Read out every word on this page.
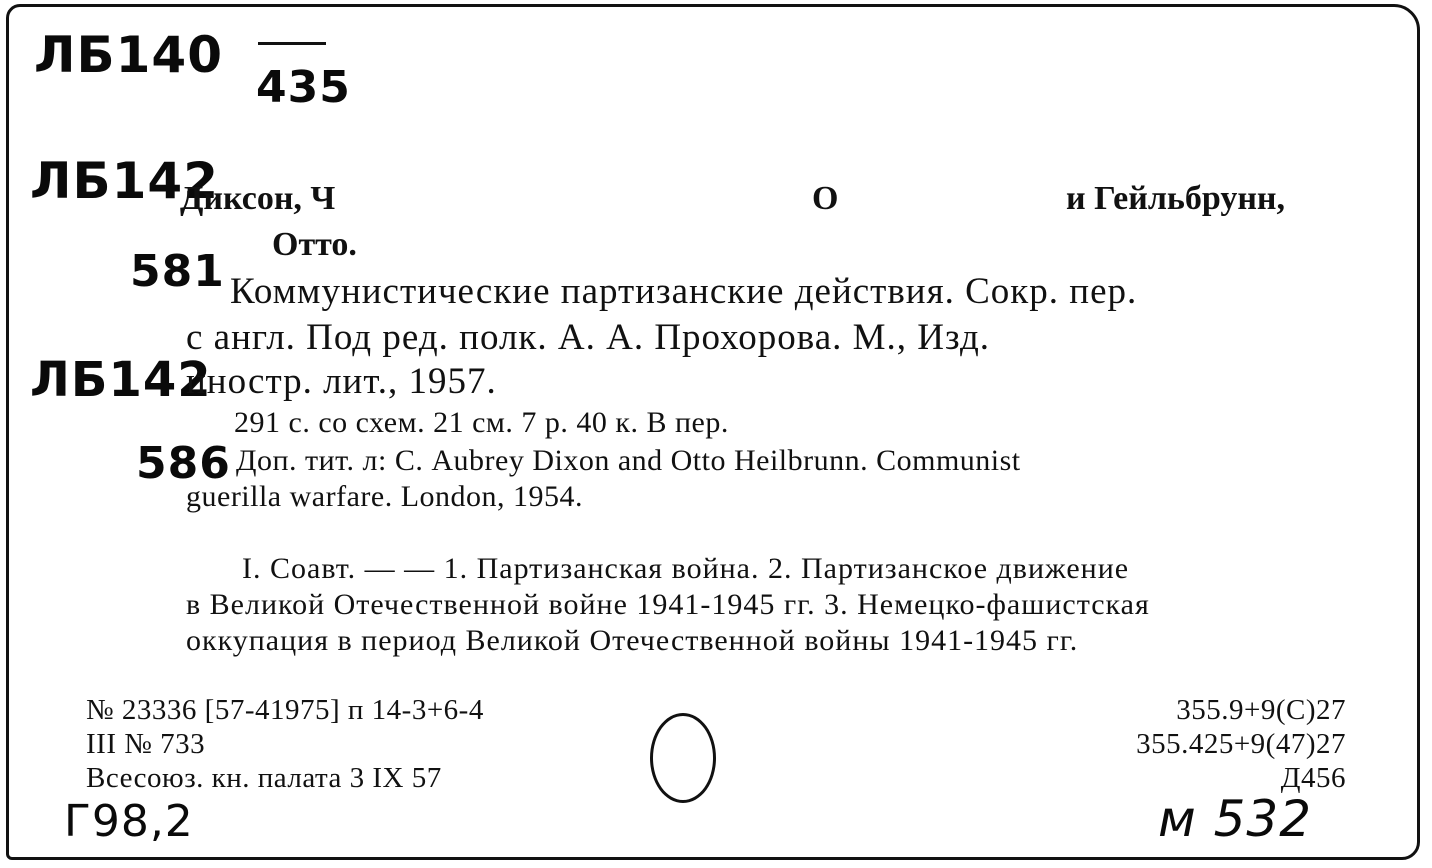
ЛБ140
435
ЛБ142
581
ЛБ142
586
Г98,2	м 532
Диксон, Ч	О	и Гейльбрунн,
Отто.
Коммунистические партизанские действия. Сокр. пер.
с англ. Под ред. полк. А. А. Прохорова. М., Изд.
иностр. лит., 1957.
291 с. со схем. 21 см. 7 р. 40 к. В пер.
Доп. тит. л: С. Aubrey Dixon and Otto Heilbrunn. Communist
guerilla warfare. London, 1954.
I. Соавт. — — 1. Партизанская война. 2. Партизанское движение
в Великой Отечественной войне 1941-1945 гг. 3. Немецко-фашистская
оккупация в период Великой Отечественной войны 1941-1945 гг.
№ 23336 [57-41975] п 14-3+6-4
III № 733
Всесоюз. кн. палата 3 IX 57
355.9+9(С)27
355.425+9(47)27
Д456
